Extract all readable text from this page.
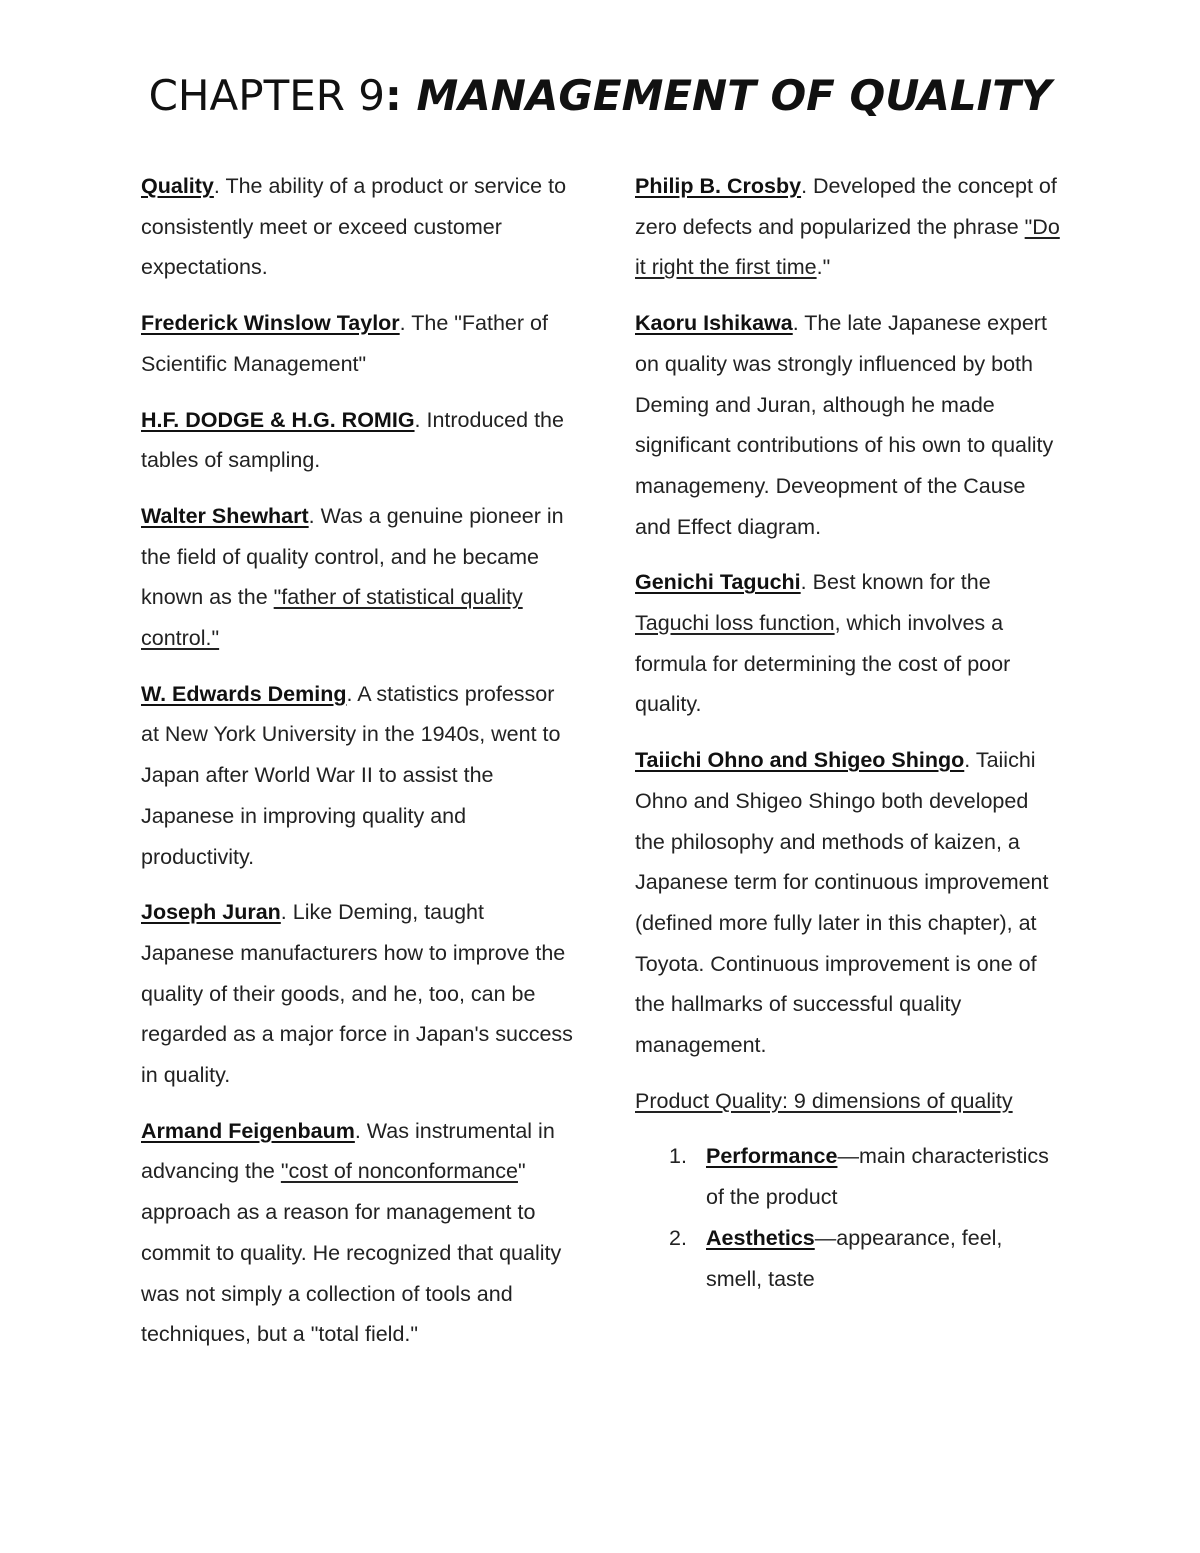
CHAPTER 9: MANAGEMENT OF QUALITY

Quality. The ability of a product or service to consistently meet or exceed customer expectations.

Frederick Winslow Taylor. The "Father of Scientific Management"

H.F. DODGE & H.G. ROMIG. Introduced the tables of sampling.

Walter Shewhart. Was a genuine pioneer in the field of quality control, and he became known as the "father of statistical quality control."

W. Edwards Deming. A statistics professor at New York University in the 1940s, went to Japan after World War II to assist the Japanese in improving quality and productivity.

Joseph Juran. Like Deming, taught Japanese manufacturers how to improve the quality of their goods, and he, too, can be regarded as a major force in Japan's success in quality.

Armand Feigenbaum. Was instrumental in advancing the "cost of nonconformance" approach as a reason for management to commit to quality. He recognized that quality was not simply a collection of tools and techniques, but a "total field."

Philip B. Crosby. Developed the concept of zero defects and popularized the phrase "Do it right the first time."

Kaoru Ishikawa. The late Japanese expert on quality was strongly influenced by both Deming and Juran, although he made significant contributions of his own to quality managemeny. Deveopment of the Cause and Effect diagram.

Genichi Taguchi. Best known for the Taguchi loss function, which involves a formula for determining the cost of poor quality.

Taiichi Ohno and Shigeo Shingo. Taiichi Ohno and Shigeo Shingo both developed the philosophy and methods of kaizen, a Japanese term for continuous improvement (defined more fully later in this chapter), at Toyota. Continuous improvement is one of the hallmarks of successful quality management.

Product Quality: 9 dimensions of quality

1. Performance—main characteristics of the product
2. Aesthetics—appearance, feel, smell, taste
